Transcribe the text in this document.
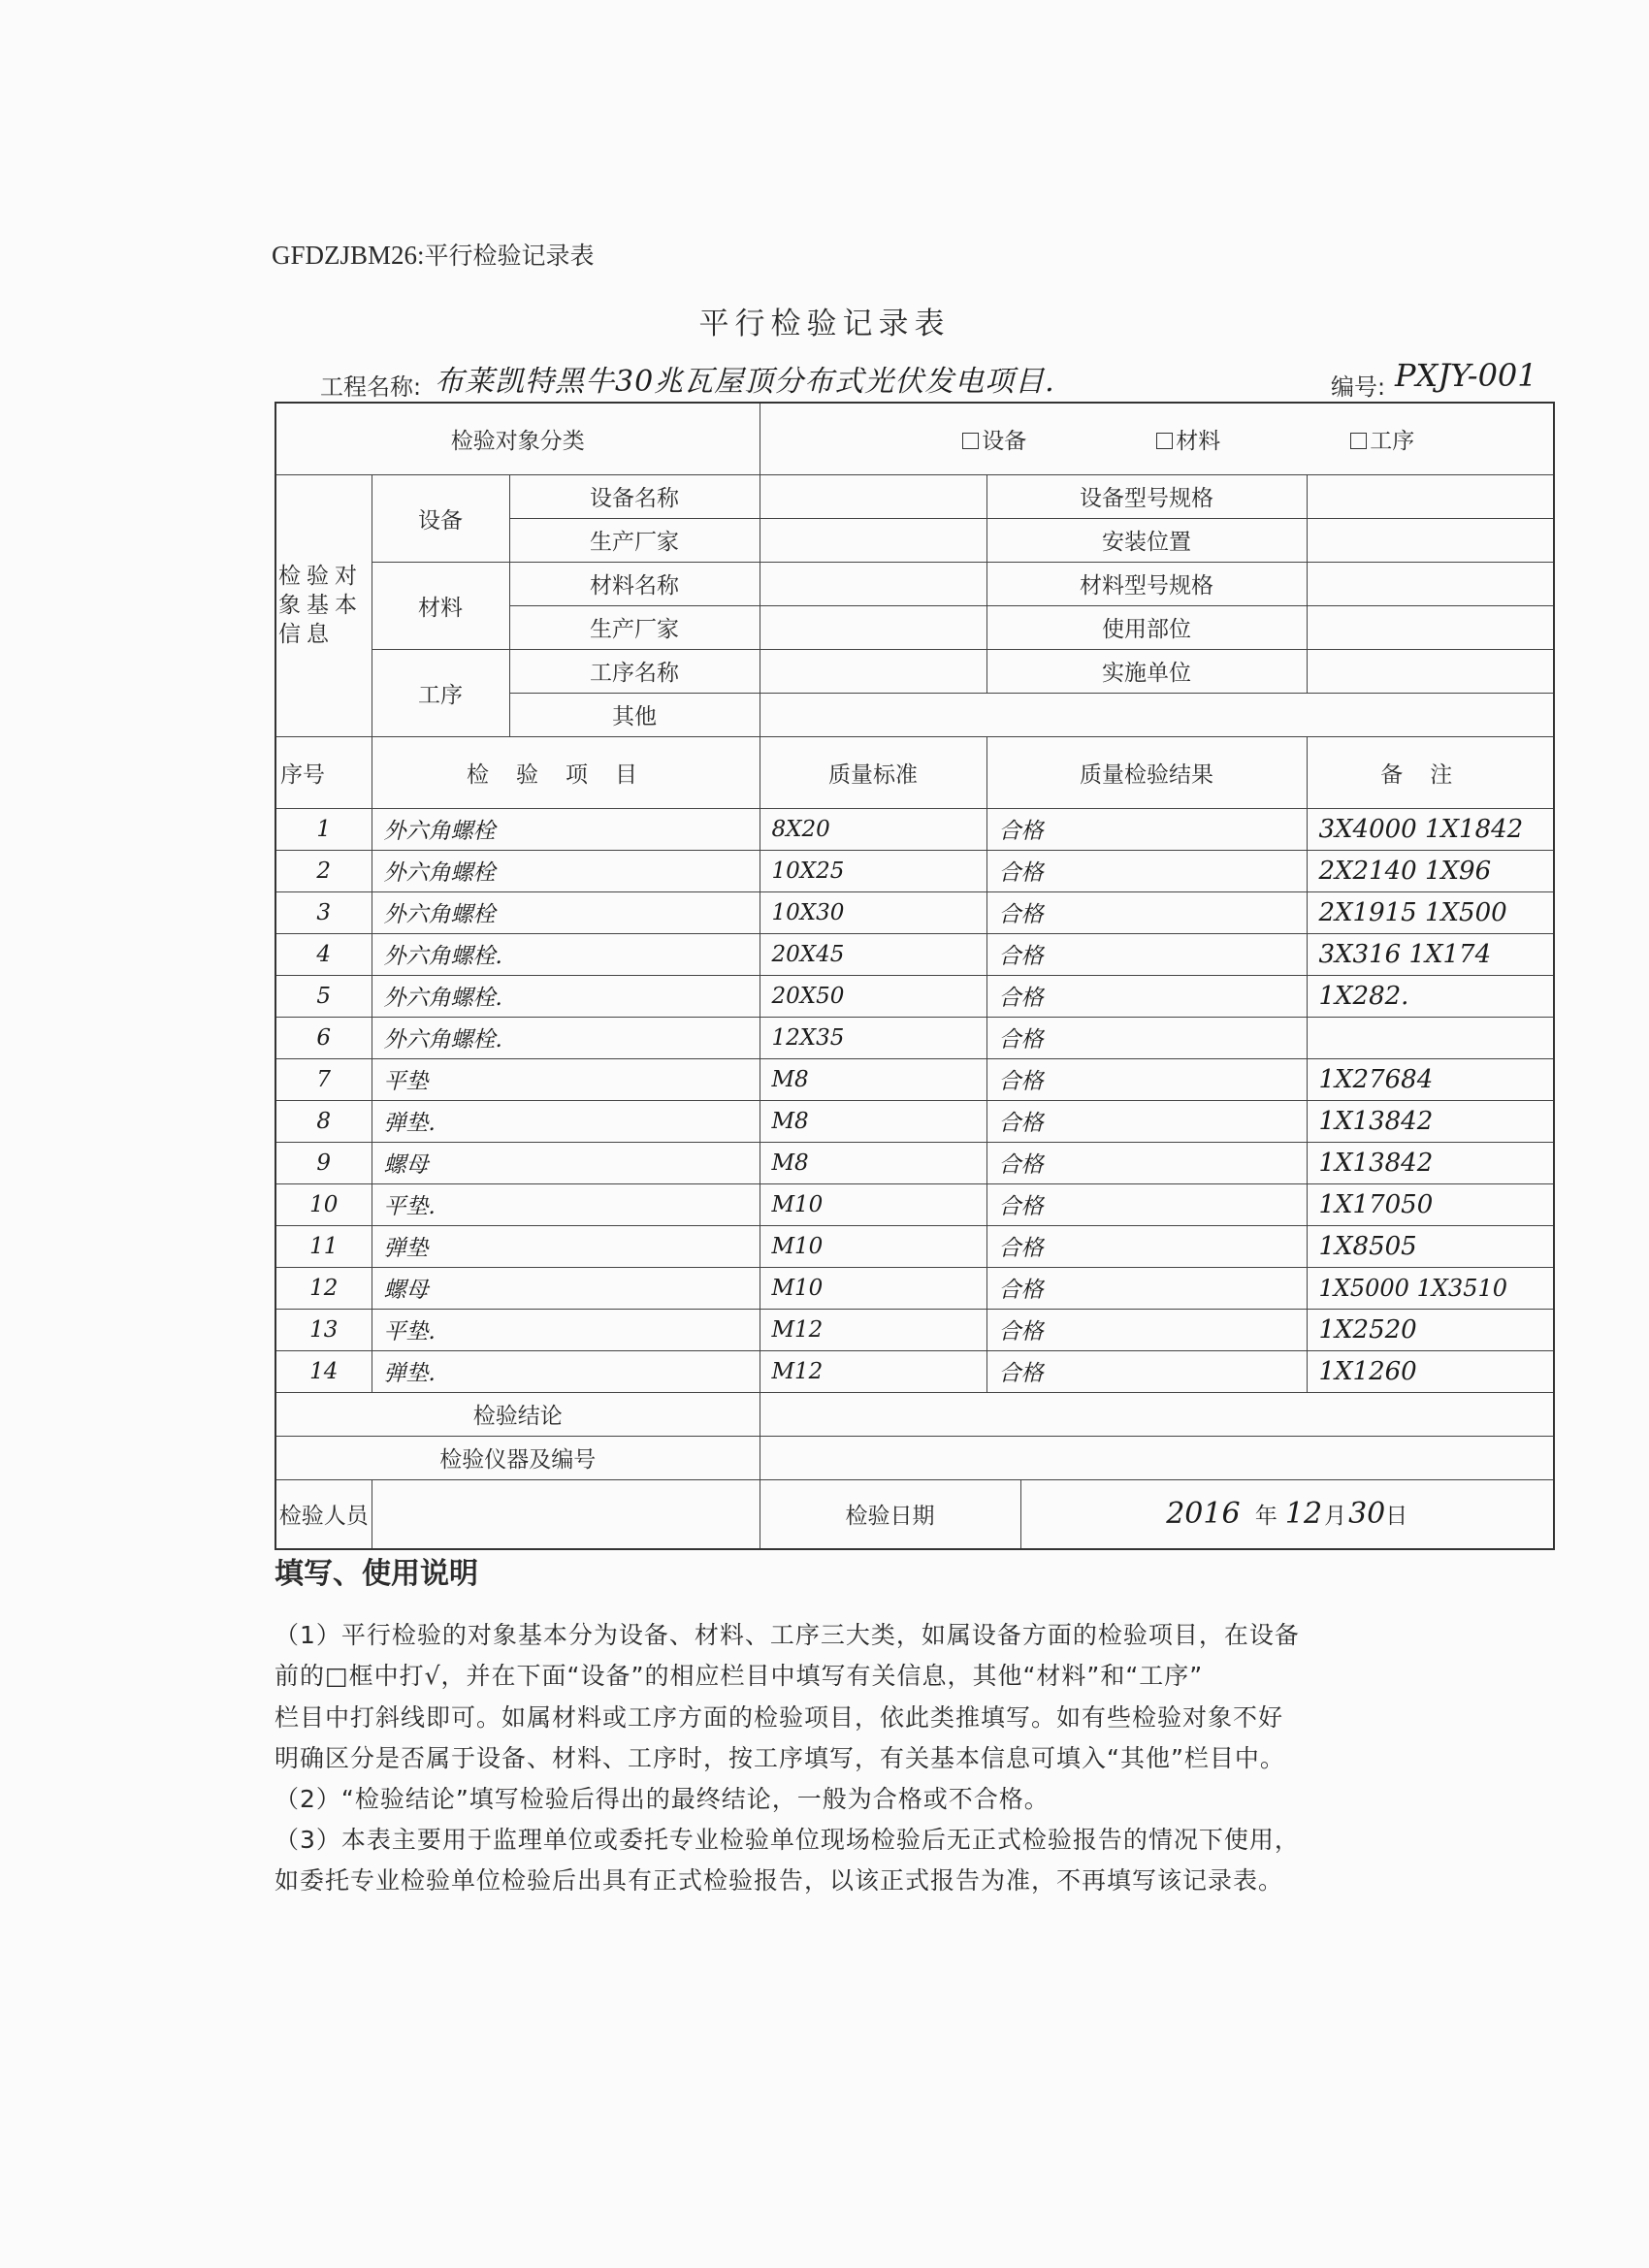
GFDZJBM26:平行检验记录表
平行检验记录表
工程名称: 布莱凯特黑牛30兆瓦屋顶分布式光伏发电项目.	编号: PXJY-001
检验对象分类			设备 材料 工序			
检验对象基本信息	设备	设备名称		设备型号规格		
		生产厂家		安装位置		
	材料	材料名称		材料型号规格		
		生产厂家		使用部位		
	工序	工序名称		实施单位		
		其他				
序号	检验项目		质量标准	质量检验结果		备注
1	外六角螺栓		8X20	合格		3X4000 1X1842
2	外六角螺栓		10X25	合格		2X2140 1X96
3	外六角螺栓		10X30	合格		2X1915 1X500
4	外六角螺栓.		20X45	合格		3X316 1X174
5	外六角螺栓.		20X50	合格		1X282.
6	外六角螺栓.		12X35	合格		
7	平垫		M8	合格		1X27684
8	弹垫.		M8	合格		1X13842
9	螺母		M8	合格		1X13842
10	平垫.		M10	合格		1X17050
11	弹垫		M10	合格		1X8505
12	螺母		M10	合格		1X5000 1X3510
13	平垫.		M12	合格		1X2520
14	弹垫.		M12	合格		1X1260
检验结论						
检验仪器及编号						
检验人员			检验日期		2016 年 12月30日	
填写、使用说明
（1）平行检验的对象基本分为设备、材料、工序三大类，如属设备方面的检验项目，在设备
前的□框中打√，并在下面“设备”的相应栏目中填写有关信息，其他“材料”和“工序”
栏目中打斜线即可。如属材料或工序方面的检验项目，依此类推填写。如有些检验对象不好
明确区分是否属于设备、材料、工序时，按工序填写，有关基本信息可填入“其他”栏目中。
（2）“检验结论”填写检验后得出的最终结论，一般为合格或不合格。
（3）本表主要用于监理单位或委托专业检验单位现场检验后无正式检验报告的情况下使用，
如委托专业检验单位检验后出具有正式检验报告，以该正式报告为准，不再填写该记录表。
